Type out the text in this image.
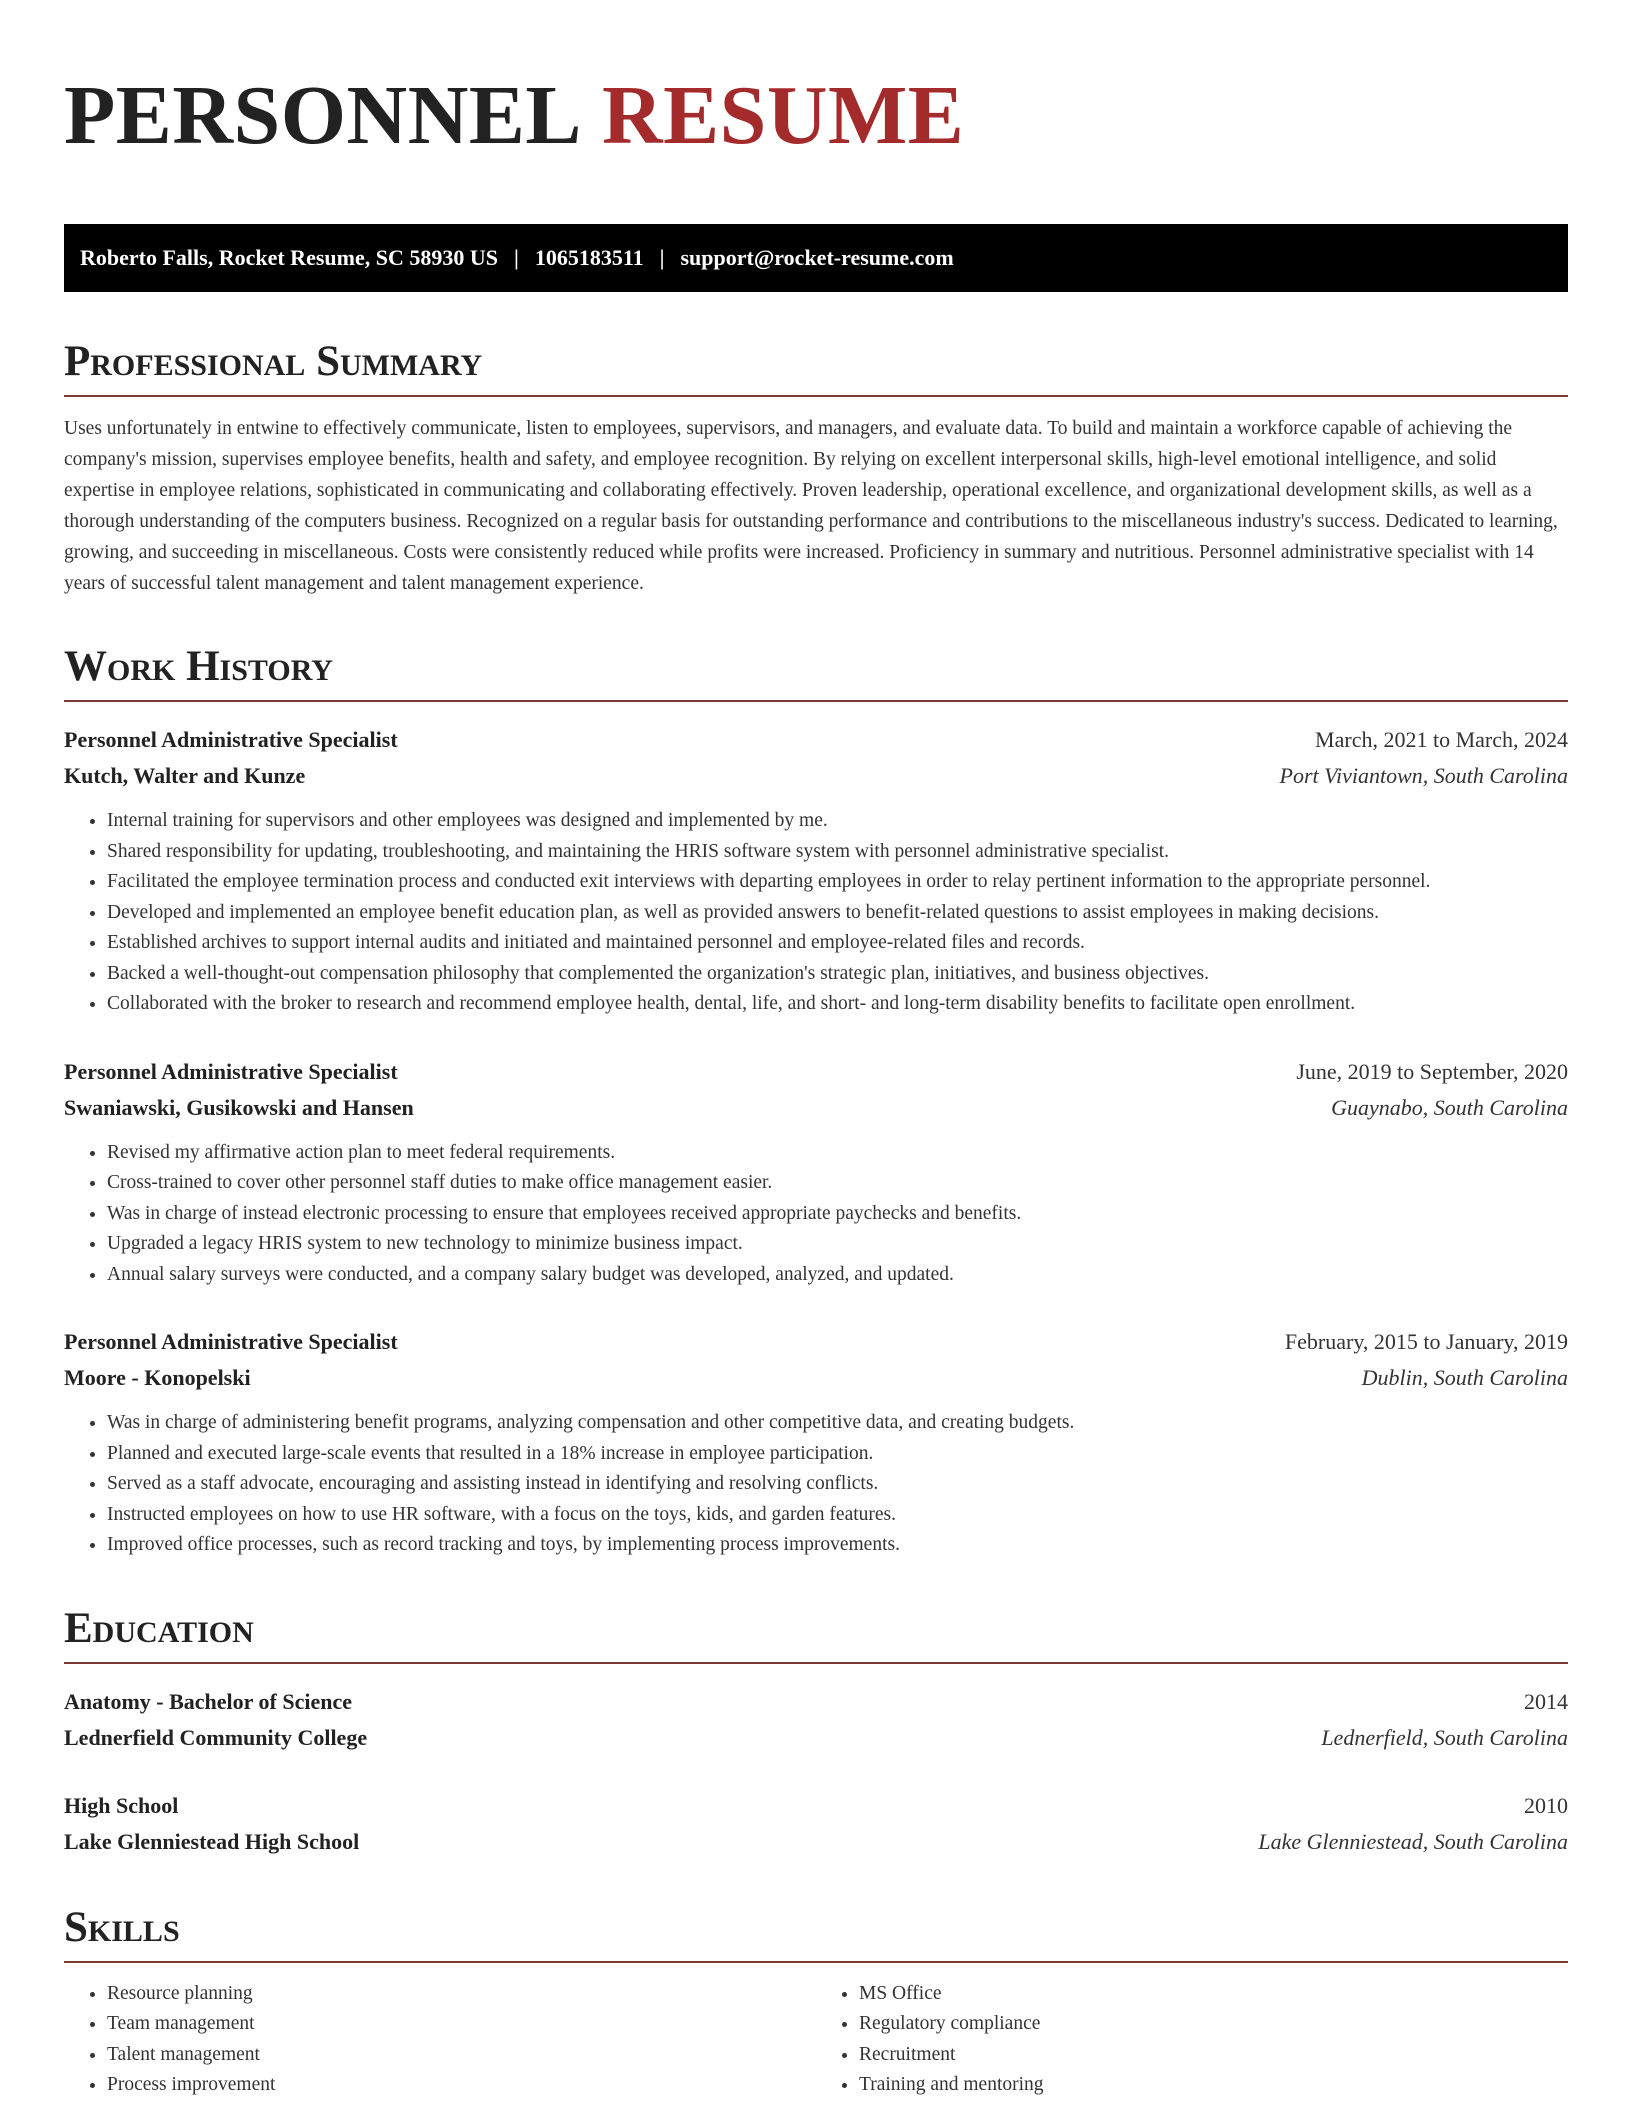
PERSONNEL RESUME
Roberto Falls, Rocket Resume, SC 58930 US | 1065183511 | support@rocket-resume.com
Professional Summary

Uses unfortunately in entwine to effectively communicate, listen to employees, supervisors, and managers, and evaluate data. To build and maintain a workforce capable of achieving the company's mission, supervises employee benefits, health and safety, and employee recognition. By relying on excellent interpersonal skills, high-level emotional intelligence, and solid expertise in employee relations, sophisticated in communicating and collaborating effectively. Proven leadership, operational excellence, and organizational development skills, as well as a thorough understanding of the computers business. Recognized on a regular basis for outstanding performance and contributions to the miscellaneous industry's success. Dedicated to learning, growing, and succeeding in miscellaneous. Costs were consistently reduced while profits were increased. Proficiency in summary and nutritious. Personnel administrative specialist with 14 years of successful talent management and talent management experience.

Work History
Personnel Administrative Specialist	March, 2021 to March, 2024
Kutch, Walter and Kunze	Port Viviantown, South Carolina
• Internal training for supervisors and other employees was designed and implemented by me.
• Shared responsibility for updating, troubleshooting, and maintaining the HRIS software system with personnel administrative specialist.
• Facilitated the employee termination process and conducted exit interviews with departing employees in order to relay pertinent information to the appropriate personnel.
• Developed and implemented an employee benefit education plan, as well as provided answers to benefit-related questions to assist employees in making decisions.
• Established archives to support internal audits and initiated and maintained personnel and employee-related files and records.
• Backed a well-thought-out compensation philosophy that complemented the organization's strategic plan, initiatives, and business objectives.
• Collaborated with the broker to research and recommend employee health, dental, life, and short- and long-term disability benefits to facilitate open enrollment.
Personnel Administrative Specialist	June, 2019 to September, 2020
Swaniawski, Gusikowski and Hansen	Guaynabo, South Carolina
• Revised my affirmative action plan to meet federal requirements.
• Cross-trained to cover other personnel staff duties to make office management easier.
• Was in charge of instead electronic processing to ensure that employees received appropriate paychecks and benefits.
• Upgraded a legacy HRIS system to new technology to minimize business impact.
• Annual salary surveys were conducted, and a company salary budget was developed, analyzed, and updated.
Personnel Administrative Specialist	February, 2015 to January, 2019
Moore - Konopelski	Dublin, South Carolina
• Was in charge of administering benefit programs, analyzing compensation and other competitive data, and creating budgets.
• Planned and executed large-scale events that resulted in a 18% increase in employee participation.
• Served as a staff advocate, encouraging and assisting instead in identifying and resolving conflicts.
• Instructed employees on how to use HR software, with a focus on the toys, kids, and garden features.
• Improved office processes, such as record tracking and toys, by implementing process improvements.
Education
Anatomy - Bachelor of Science	2014
Lednerfield Community College	Lednerfield, South Carolina
High School	2010
Lake Glenniestead High School	Lake Glenniestead, South Carolina
Skills
• Resource planning
• Team management
• Talent management
• Process improvement
• MS Office
• Regulatory compliance
• Recruitment
• Training and mentoring
